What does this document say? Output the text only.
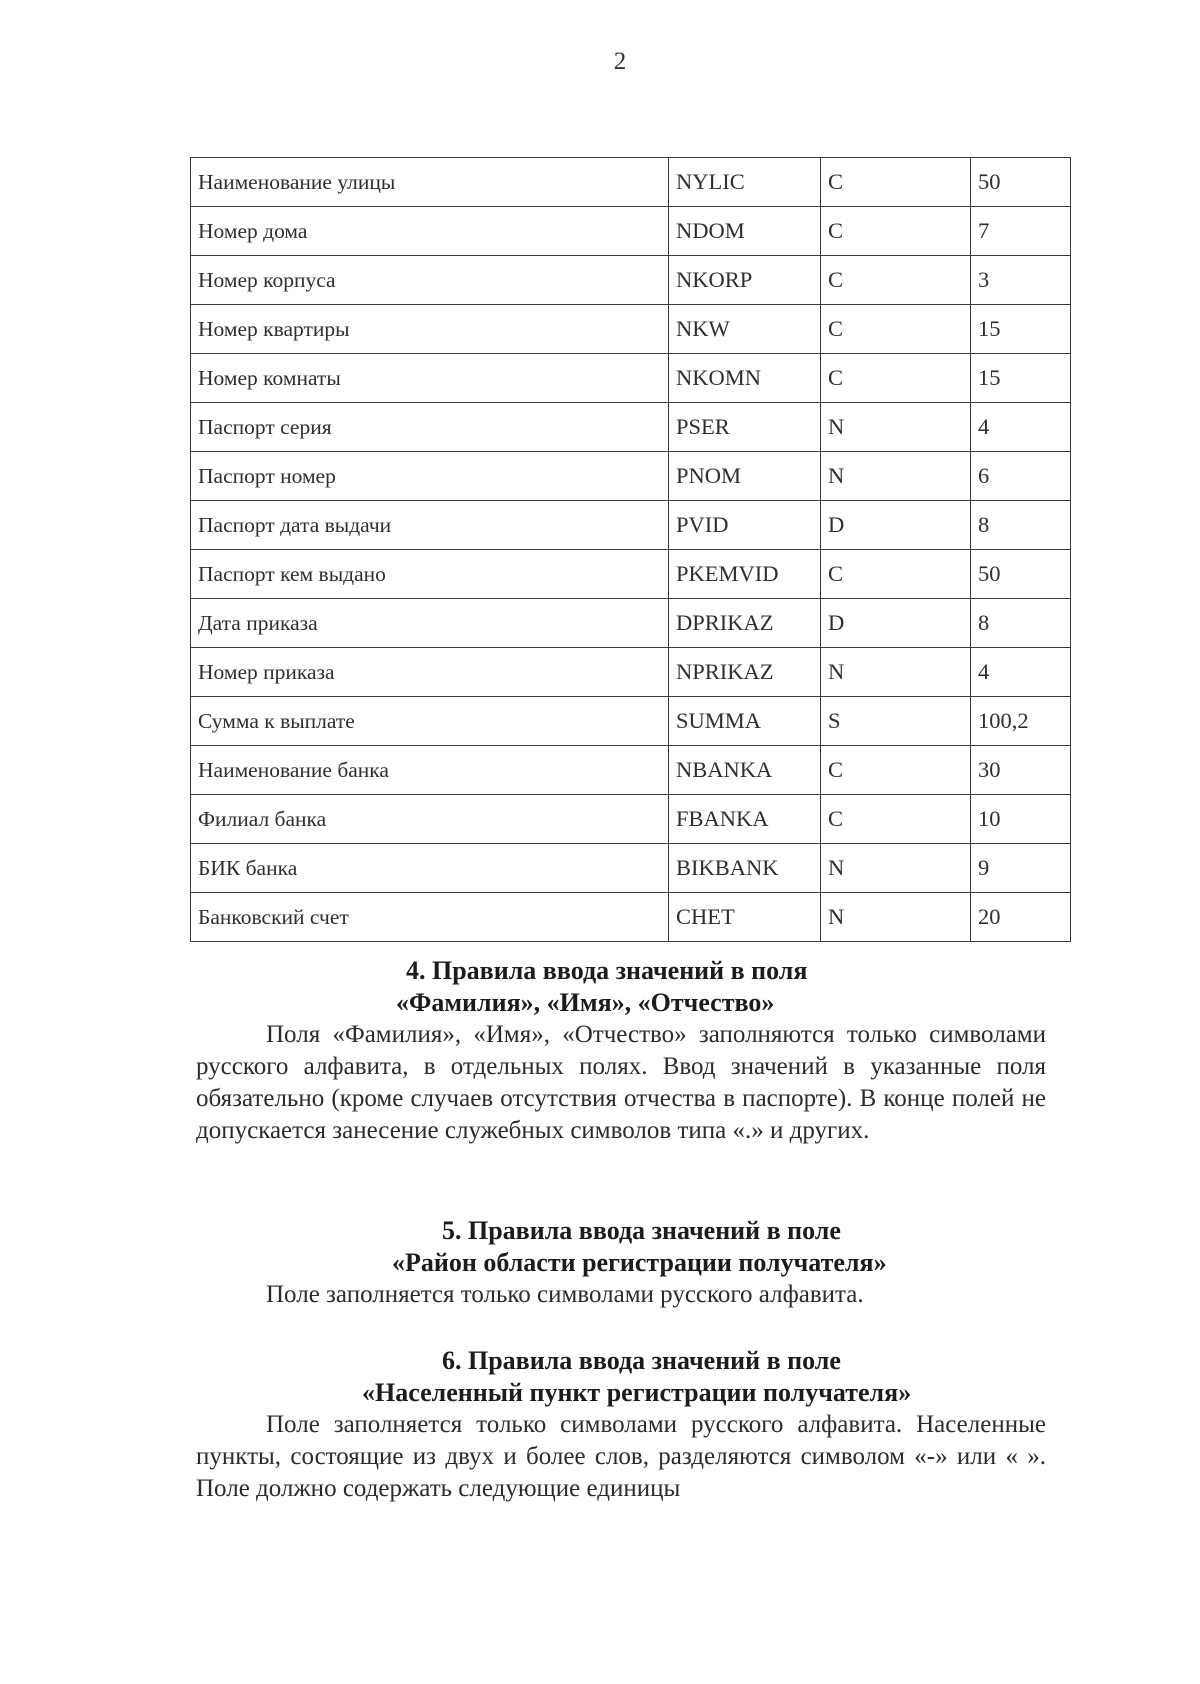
2
Наименование улицы	NYLIC	C	50
Номер дома	NDOM	C	7
Номер корпуса	NKORP	C	3
Номер квартиры	NKW	C	15
Номер комнаты	NKOMN	C	15
Паспорт серия	PSER	N	4
Паспорт номер	PNOM	N	6
Паспорт дата выдачи	PVID	D	8
Паспорт кем выдано	PKEMVID	C	50
Дата приказа	DPRIKAZ	D	8
Номер приказа	NPRIKAZ	N	4
Сумма к выплате	SUMMA	S	100,2
Наименование банка	NBANKA	C	30
Филиал банка	FBANKA	C	10
БИК банка	BIKBANK	N	9
Банковский счет	CHET	N	20
4. Правила ввода значений в поля
«Фамилия», «Имя», «Отчество»

Поля «Фамилия», «Имя», «Отчество» заполняются только символами русского алфавита, в отдельных полях. Ввод значений в указанные поля обязательно (кроме случаев отсутствия отчества в паспорте). В конце полей не допускается занесение служебных символов типа «.» и других.

5. Правила ввода значений в поле
«Район области регистрации получателя»

Поле заполняется только символами русского алфавита.

6. Правила ввода значений в поле
«Населенный пункт регистрации получателя»

Поле заполняется только символами русского алфавита. Населенные пункты, состоящие из двух и более слов, разделяются символом «-» или « ». Поле должно содержать следующие единицы
